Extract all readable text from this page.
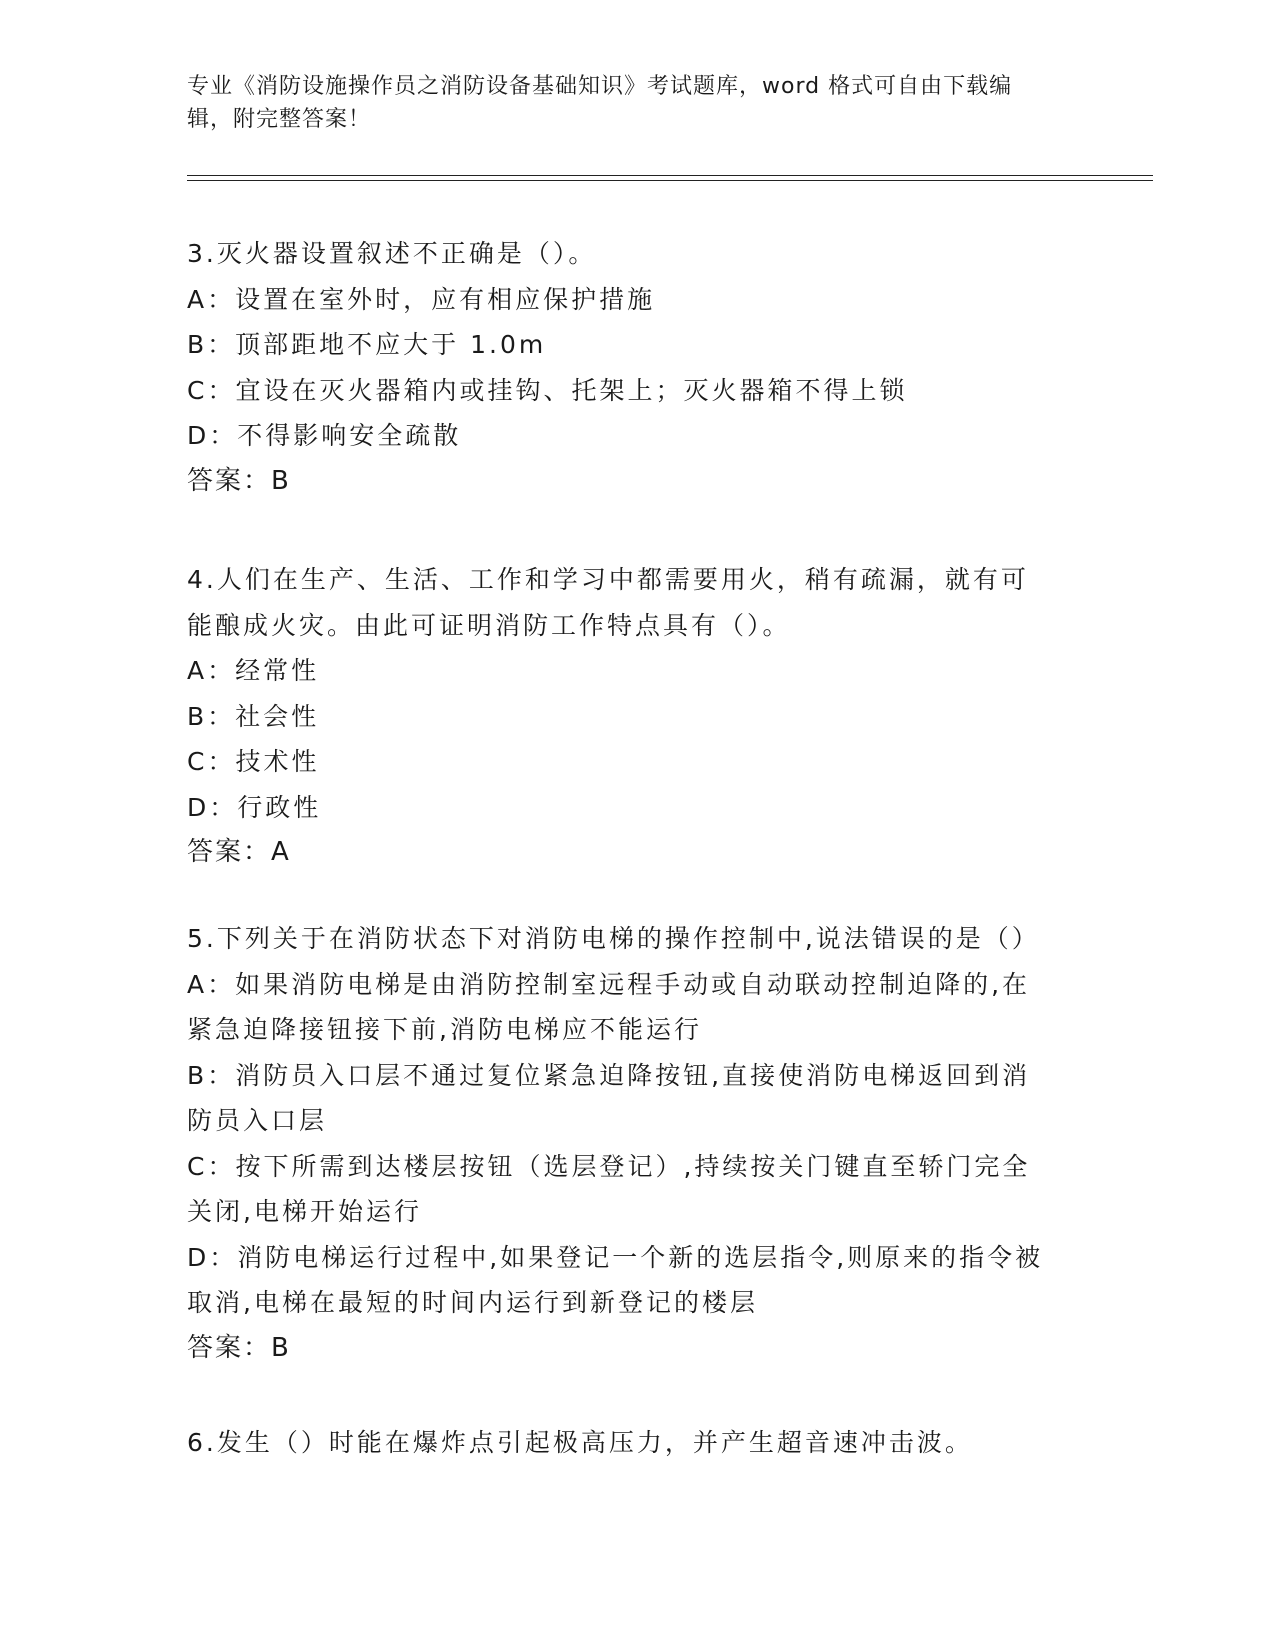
专业《消防设施操作员之消防设备基础知识》考试题库，word 格式可自由下载编
辑，附完整答案！

3.灭火器设置叙述不正确是（）。

A：设置在室外时，应有相应保护措施

B：顶部距地不应大于 1.0m

C：宜设在灭火器箱内或挂钩、托架上；灭火器箱不得上锁

D：不得影响安全疏散

答案：B

4.人们在生产、生活、工作和学习中都需要用火，稍有疏漏，就有可

能酿成火灾。由此可证明消防工作特点具有（）。

A：经常性

B：社会性

C：技术性

D：行政性

答案：A

5.下列关于在消防状态下对消防电梯的操作控制中,说法错误的是（）

A：如果消防电梯是由消防控制室远程手动或自动联动控制迫降的,在

紧急迫降接钮接下前,消防电梯应不能运行

B：消防员入口层不通过复位紧急迫降按钮,直接使消防电梯返回到消

防员入口层

C：按下所需到达楼层按钮（选层登记）,持续按关门键直至轿门完全

关闭,电梯开始运行

D：消防电梯运行过程中,如果登记一个新的选层指令,则原来的指令被

取消,电梯在最短的时间内运行到新登记的楼层

答案：B

6.发生（）时能在爆炸点引起极高压力，并产生超音速冲击波。
